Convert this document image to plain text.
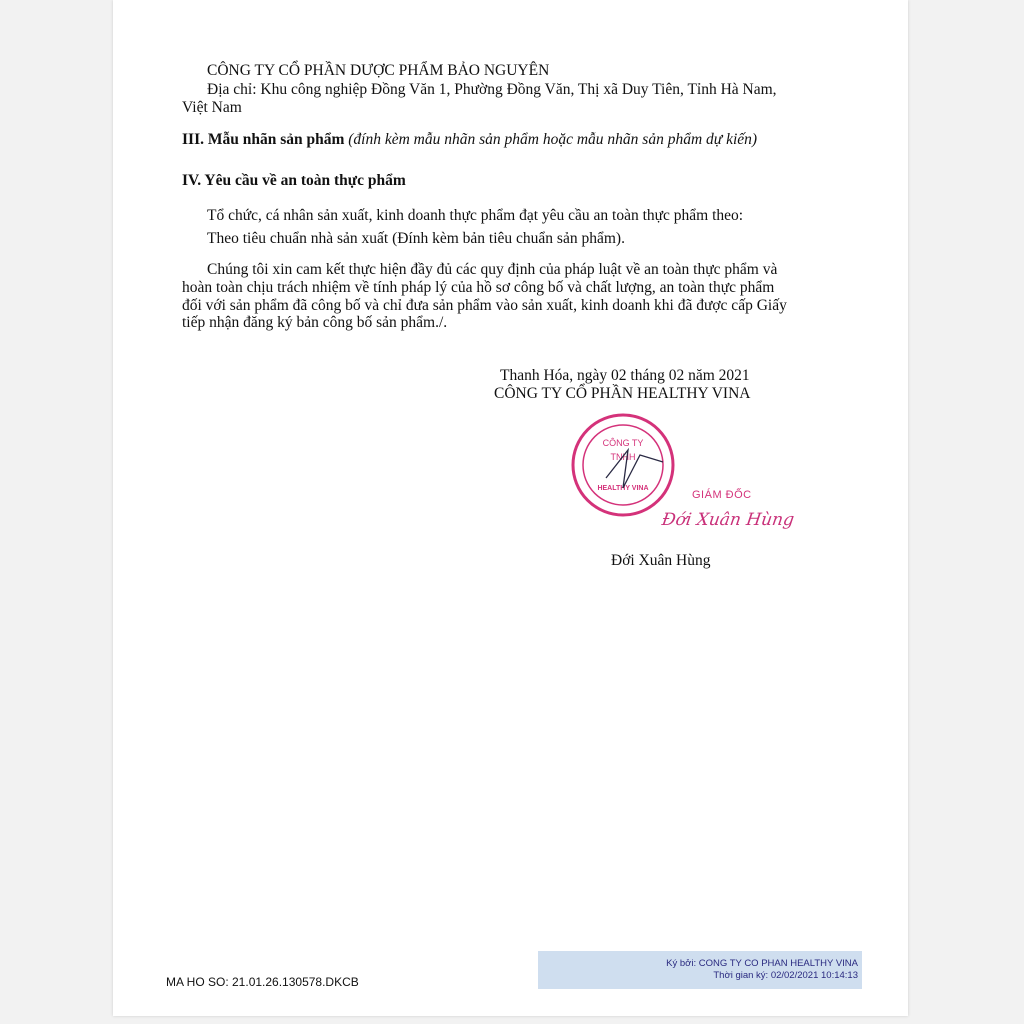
CÔNG TY CỔ PHẦN DƯỢC PHẨM BẢO NGUYÊN
Địa chỉ: Khu công nghiệp Đồng Văn 1, Phường Đồng Văn, Thị xã Duy Tiên, Tỉnh Hà Nam,
Việt Nam
III. Mẫu nhãn sản phẩm (đính kèm mẫu nhãn sản phẩm hoặc mẫu nhãn sản phẩm dự kiến)
IV. Yêu cầu về an toàn thực phẩm
Tổ chức, cá nhân sản xuất, kinh doanh thực phẩm đạt yêu cầu an toàn thực phẩm theo:
Theo tiêu chuẩn nhà sản xuất (Đính kèm bản tiêu chuẩn sản phẩm).
Chúng tôi xin cam kết thực hiện đầy đủ các quy định của pháp luật về an toàn thực phẩm và
hoàn toàn chịu trách nhiệm về tính pháp lý của hồ sơ công bố và chất lượng, an toàn thực phẩm
đối với sản phẩm đã công bố và chỉ đưa sản phẩm vào sản xuất, kinh doanh khi đã được cấp Giấy
tiếp nhận đăng ký bản công bố sản phẩm./.
Thanh Hóa, ngày 02 tháng 02 năm 2021
CÔNG TY CỔ PHẦN HEALTHY VINA
CÔNG TY
TNHH
HEALTHY VINA
GIÁM ĐỐC
Đới Xuân Hùng
Đới Xuân Hùng
MA HO SO: 21.01.26.130578.DKCB
Ký bởi: CONG TY CO PHAN HEALTHY VINA
Thời gian ký: 02/02/2021 10:14:13
